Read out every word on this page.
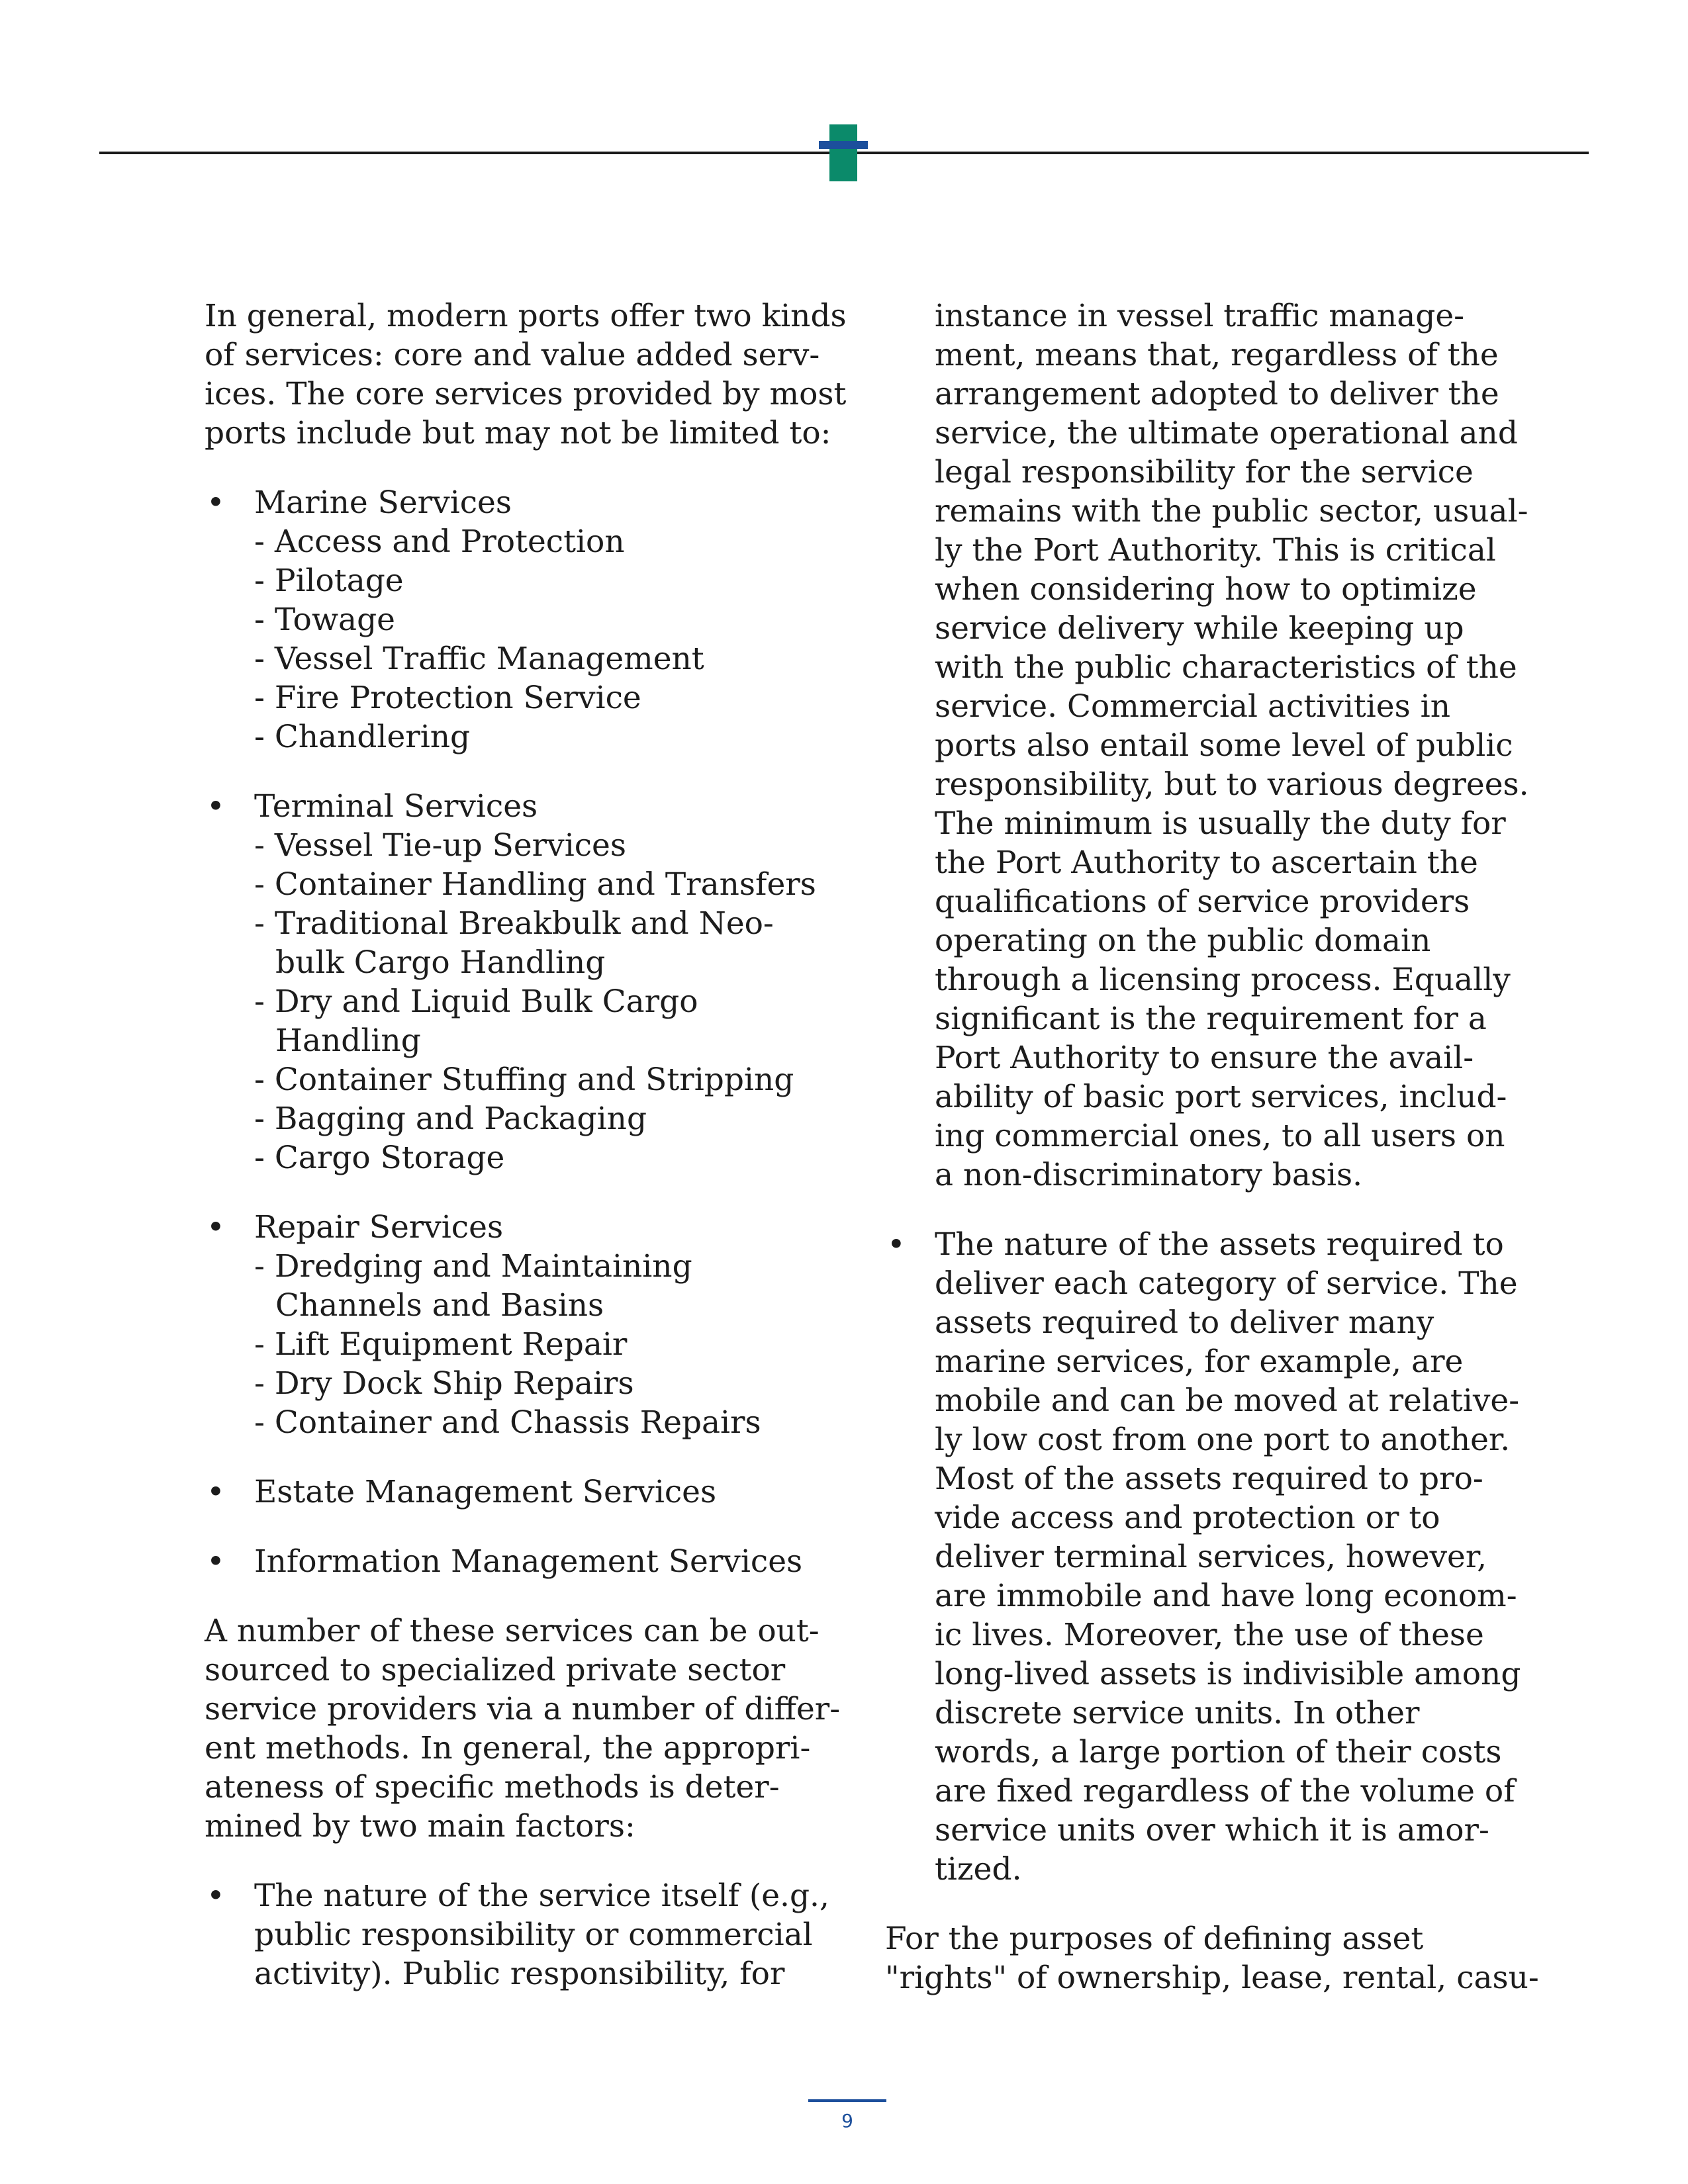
In general, modern ports offer two kinds
of services: core and value added serv-
ices. The core services provided by most
ports include but may not be limited to:

• Marine Services
- Access and Protection
- Pilotage
- Towage
- Vessel Traffic Management
- Fire Protection Service
- Chandlering
• Terminal Services
- Vessel Tie-up Services
- Container Handling and Transfers
- Traditional Breakbulk and Neo-
bulk Cargo Handling
- Dry and Liquid Bulk Cargo
Handling
- Container Stuffing and Stripping
- Bagging and Packaging
- Cargo Storage
• Repair Services
- Dredging and Maintaining
Channels and Basins
- Lift Equipment Repair
- Dry Dock Ship Repairs
- Container and Chassis Repairs
• Estate Management Services
• Information Management Services

A number of these services can be out-
sourced to specialized private sector
service providers via a number of differ-
ent methods. In general, the appropri-
ateness of specific methods is deter-
mined by two main factors:

• The nature of the service itself (e.g.,
public responsibility or commercial
activity). Public responsibility, for
instance in vessel traffic manage-
ment, means that, regardless of the
arrangement adopted to deliver the
service, the ultimate operational and
legal responsibility for the service
remains with the public sector, usual-
ly the Port Authority. This is critical
when considering how to optimize
service delivery while keeping up
with the public characteristics of the
service. Commercial activities in
ports also entail some level of public
responsibility, but to various degrees.
The minimum is usually the duty for
the Port Authority to ascertain the
qualifications of service providers
operating on the public domain
through a licensing process. Equally
significant is the requirement for a
Port Authority to ensure the avail-
ability of basic port services, includ-
ing commercial ones, to all users on
a non-discriminatory basis.
• The nature of the assets required to
deliver each category of service. The
assets required to deliver many
marine services, for example, are
mobile and can be moved at relative-
ly low cost from one port to another.
Most of the assets required to pro-
vide access and protection or to
deliver terminal services, however,
are immobile and have long econom-
ic lives. Moreover, the use of these
long-lived assets is indivisible among
discrete service units. In other
words, a large portion of their costs
are fixed regardless of the volume of
service units over which it is amor-
tized.

For the purposes of defining asset
"rights" of ownership, lease, rental, casu-

9
